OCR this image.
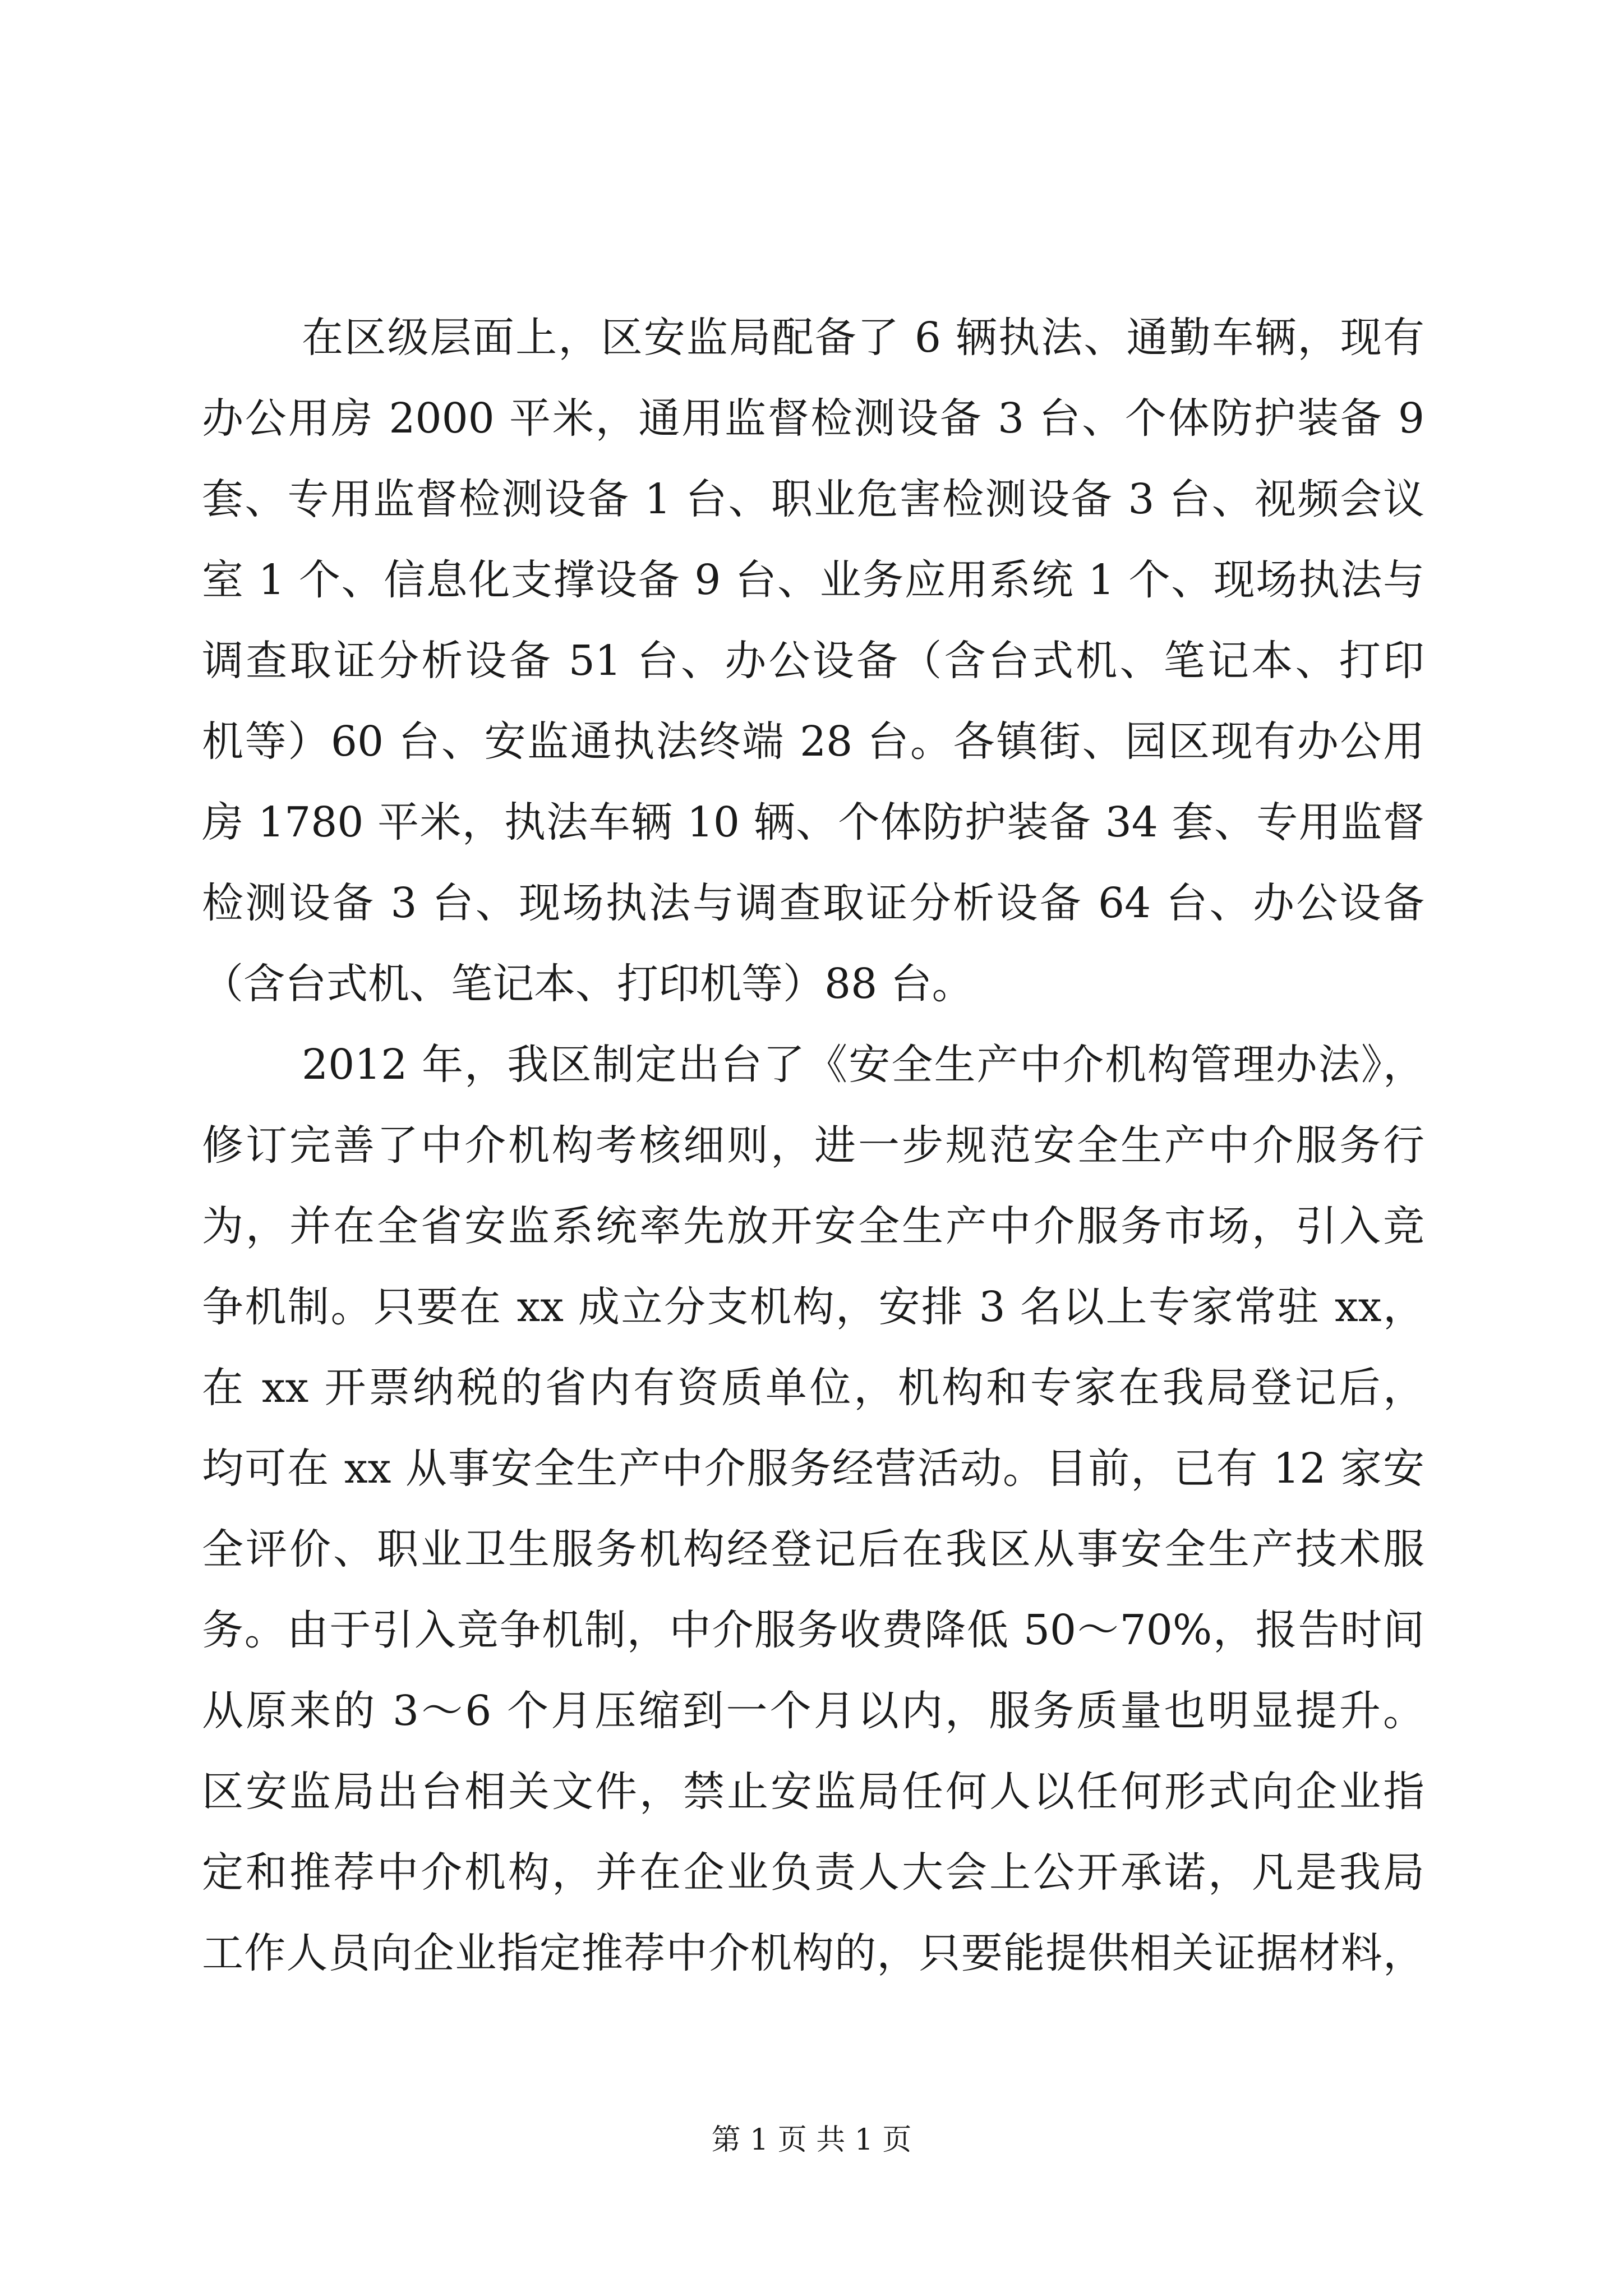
在区级层面上，区安监局配备了 6 辆执法、通勤车辆，现有
办公用房 2000 平米，通用监督检测设备 3 台、个体防护装备 9
套、专用监督检测设备 1 台、职业危害检测设备 3 台、视频会议
室 1 个、信息化支撑设备 9 台、业务应用系统 1 个、现场执法与
调查取证分析设备 51 台、办公设备（含台式机、笔记本、打印
机等）60 台、安监通执法终端 28 台。各镇街、园区现有办公用
房 1780 平米，执法车辆 10 辆、个体防护装备 34 套、专用监督
检测设备 3 台、现场执法与调查取证分析设备 64 台、办公设备
（含台式机、笔记本、打印机等）88 台。
2012 年，我区制定出台了《安全生产中介机构管理办法》，
修订完善了中介机构考核细则，进一步规范安全生产中介服务行
为，并在全省安监系统率先放开安全生产中介服务市场，引入竞
争机制。只要在 xx 成立分支机构，安排 3 名以上专家常驻 xx，
在 xx 开票纳税的省内有资质单位，机构和专家在我局登记后，
均可在 xx 从事安全生产中介服务经营活动。目前，已有 12 家安
全评价、职业卫生服务机构经登记后在我区从事安全生产技术服
务。由于引入竞争机制，中介服务收费降低 50～70%，报告时间
从原来的 3～6 个月压缩到一个月以内，服务质量也明显提升。
区安监局出台相关文件，禁止安监局任何人以任何形式向企业指
定和推荐中介机构，并在企业负责人大会上公开承诺，凡是我局
工作人员向企业指定推荐中介机构的，只要能提供相关证据材料，
第 1 页 共 1 页
